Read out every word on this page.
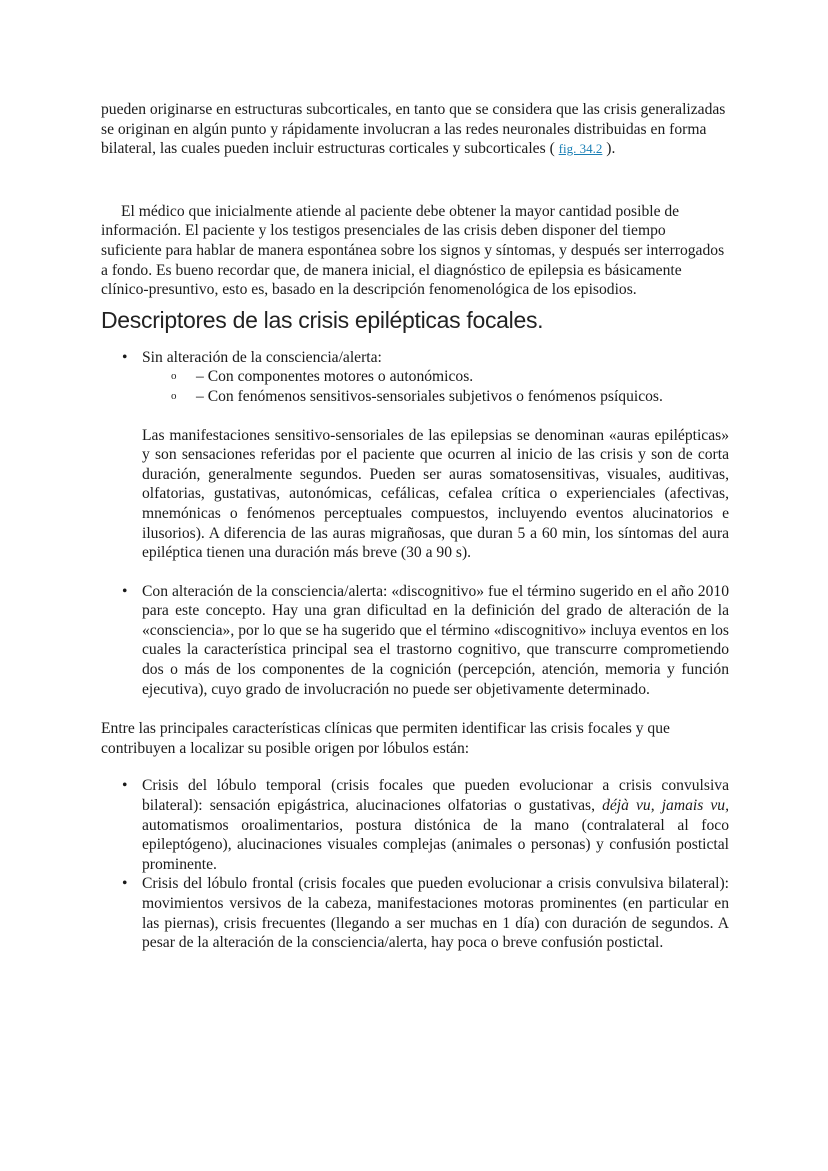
pueden originarse en estructuras subcorticales, en tanto que se considera que las crisis generalizadas se originan en algún punto y rápidamente involucran a las redes neuronales distribuidas en forma bilateral, las cuales pueden incluir estructuras corticales y subcorticales ( fig. 34.2 ).

El médico que inicialmente atiende al paciente debe obtener la mayor cantidad posible de información. El paciente y los testigos presenciales de las crisis deben disponer del tiempo suficiente para hablar de manera espontánea sobre los signos y síntomas, y después ser interrogados a fondo. Es bueno recordar que, de manera inicial, el diagnóstico de epilepsia es básicamente clínico-presuntivo, esto es, basado en la descripción fenomenológica de los episodios.

Descriptores de las crisis epilépticas focales.
• Sin alteración de la consciencia/alerta:
o – Con componentes motores o autonómicos.
o – Con fenómenos sensitivos-sensoriales subjetivos o fenómenos psíquicos.

Las manifestaciones sensitivo-sensoriales de las epilepsias se denominan «auras epilépticas» y son sensaciones referidas por el paciente que ocurren al inicio de las crisis y son de corta duración, generalmente segundos. Pueden ser auras somatosensitivas, visuales, auditivas, olfatorias, gustativas, autonómicas, cefálicas, cefalea crítica o experienciales (afectivas, mnemónicas o fenómenos perceptuales compuestos, incluyendo eventos alucinatorios e ilusorios). A diferencia de las auras migrañosas, que duran 5 a 60 min, los síntomas del aura epiléptica tienen una duración más breve (30 a 90 s).

• Con alteración de la consciencia/alerta: «discognitivo» fue el término sugerido en el año 2010 para este concepto. Hay una gran dificultad en la definición del grado de alteración de la «consciencia», por lo que se ha sugerido que el término «discognitivo» incluya eventos en los cuales la característica principal sea el trastorno cognitivo, que transcurre comprometiendo dos o más de los componentes de la cognición (percepción, atención, memoria y función ejecutiva), cuyo grado de involucración no puede ser objetivamente determinado.

Entre las principales características clínicas que permiten identificar las crisis focales y que contribuyen a localizar su posible origen por lóbulos están:

• Crisis del lóbulo temporal (crisis focales que pueden evolucionar a crisis convulsiva bilateral): sensación epigástrica, alucinaciones olfatorias o gustativas, déjà vu, jamais vu, automatismos oroalimentarios, postura distónica de la mano (contralateral al foco epileptógeno), alucinaciones visuales complejas (animales o personas) y confusión postictal prominente.
• Crisis del lóbulo frontal (crisis focales que pueden evolucionar a crisis convulsiva bilateral): movimientos versivos de la cabeza, manifestaciones motoras prominentes (en particular en las piernas), crisis frecuentes (llegando a ser muchas en 1 día) con duración de segundos. A pesar de la alteración de la consciencia/alerta, hay poca o breve confusión postictal.
